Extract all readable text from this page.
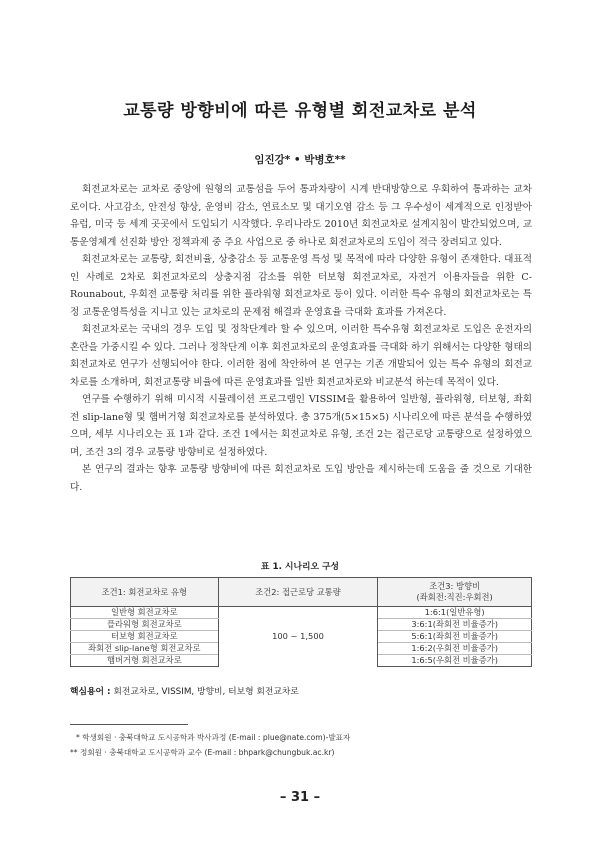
교통량 방향비에 따른 유형별 회전교차로 분석
임진강* • 박병호**

회전교차로는 교차로 중앙에 원형의 교통섬을 두어 통과차량이 시계 반대방향으로 우회하여 통과하는 교차로이다. 사고감소, 안전성 향상, 운영비 감소, 연료소모 및 대기오염 감소 등 그 우수성이 세계적으로 인정받아 유럽, 미국 등 세계 곳곳에서 도입되기 시작했다. 우리나라도 2010년 회전교차로 설계지침이 발간되었으며, 교통운영체계 선진화 방안 정책과제 중 주요 사업으로 중 하나로 회전교차로의 도입이 적극 장려되고 있다.

회전교차로는 교통량, 회전비율, 상충감소 등 교통운영 특성 및 목적에 따라 다양한 유형이 존재한다. 대표적인 사례로 2차로 회전교차로의 상충지점 감소를 위한 터보형 회전교차로, 자전거 이용자들을 위한 C-Rounabout, 우회전 교통량 처리를 위한 플라워형 회전교차로 등이 있다. 이러한 특수 유형의 회전교차로는 특정 교통운영특성을 지니고 있는 교차로의 문제점 해결과 운영효율 극대화 효과를 가져온다.

회전교차로는 국내의 경우 도입 및 정착단계라 할 수 있으며, 이러한 특수유형 회전교차로 도입은 운전자의 혼란을 가중시킬 수 있다. 그러나 정착단계 이후 회전교차로의 운영효과를 극대화 하기 위해서는 다양한 형태의 회전교차로 연구가 선행되어야 한다. 이러한 점에 착안하여 본 연구는 기존 개발되어 있는 특수 유형의 회전교차로를 소개하며, 회전교통량 비율에 따른 운영효과를 일반 회전교차로와 비교분석 하는데 목적이 있다.

연구를 수행하기 위해 미시적 시뮬레이션 프로그램인 VISSIM을 활용하여 일반형, 플라워형, 터보형, 좌회전 slip-lane형 및 햄버거형 회전교차로를 분석하였다. 총 375개(5×15×5) 시나리오에 따른 분석을 수행하였으며, 세부 시나리오는 표 1과 같다. 조건 1에서는 회전교차로 유형, 조건 2는 접근로당 교통량으로 설정하였으며, 조건 3의 경우 교통량 방향비로 설정하였다.

본 연구의 결과는 향후 교통량 방향비에 따른 회전교차로 도입 방안을 제시하는데 도움을 줄 것으로 기대한다.

표 1. 시나리오 구성
조건1: 회전교차로 유형	조건2: 접근로당 교통량	조건3: 방향비
(좌회전:직진:우회전)

일반형 회전교차로	100 ~ 1,500	1:6:1(일반유형)
플라워형 회전교차로		3:6:1(좌회전 비율증가)
터보형 회전교차로		5:6:1(좌회전 비율증가)
좌회전 slip-lane형 회전교차로		1:6:2(우회전 비율증가)
햄버거형 회전교차로		1:6:5(우회전 비율증가)
핵심용어 : 회전교차로, VISSIM, 방향비, 터보형 회전교차로
* 학생회원 · 충북대학교 도시공학과 박사과정 (E-mail : plue@nate.com)-발표자
** 정회원 · 충북대학교 도시공학과 교수 (E-mail : bhpark@chungbuk.ac.kr)
– 31 –
